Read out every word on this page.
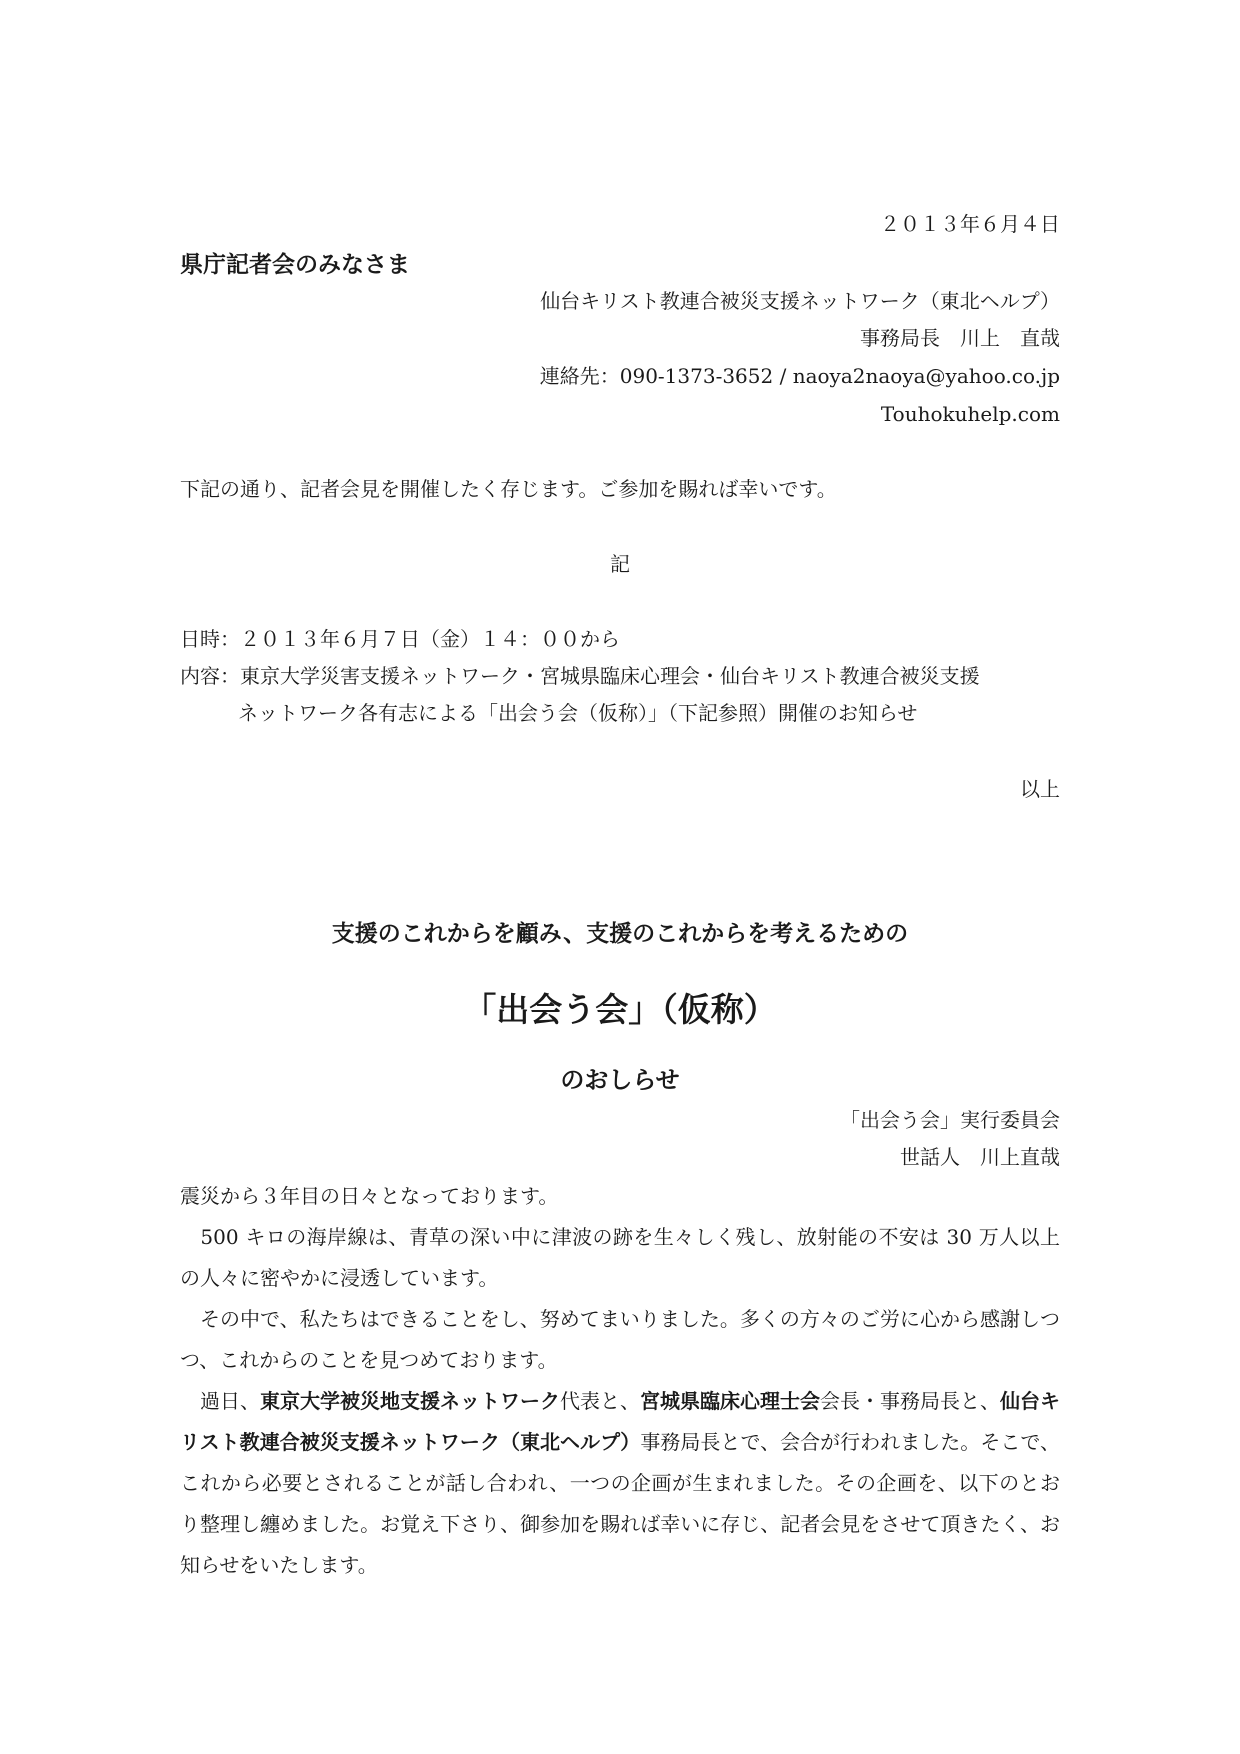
２０１３年６月４日
県庁記者会のみなさま
仙台キリスト教連合被災支援ネットワーク（東北ヘルプ）
事務局長　川上　直哉
連絡先：090-1373-3652 / naoya2naoya@yahoo.co.jp
Touhokuhelp.com
下記の通り、記者会見を開催したく存じます。ご参加を賜れば幸いです。
記
日時：２０１３年６月７日（金）１４：００から
内容：東京大学災害支援ネットワーク・宮城県臨床心理会・仙台キリスト教連合被災支援
ネットワーク各有志による「出会う会（仮称）」（下記参照）開催のお知らせ
以上
支援のこれからを顧み、支援のこれからを考えるための
「出会う会」（仮称）
のおしらせ
「出会う会」実行委員会
世話人　川上直哉

震災から３年目の日々となっております。

　500 キロの海岸線は、青草の深い中に津波の跡を生々しく残し、放射能の不安は 30 万人以上の人々に密やかに浸透しています。

　その中で、私たちはできることをし、努めてまいりました。多くの方々のご労に心から感謝しつつ、これからのことを見つめております。

　過日、東京大学被災地支援ネットワーク代表と、宮城県臨床心理士会会長・事務局長と、仙台キリスト教連合被災支援ネットワーク（東北ヘルプ）事務局長とで、会合が行われました。そこで、これから必要とされることが話し合われ、一つの企画が生まれました。その企画を、以下のとおり整理し纏めました。お覚え下さり、御参加を賜れば幸いに存じ、記者会見をさせて頂きたく、お知らせをいたします。
